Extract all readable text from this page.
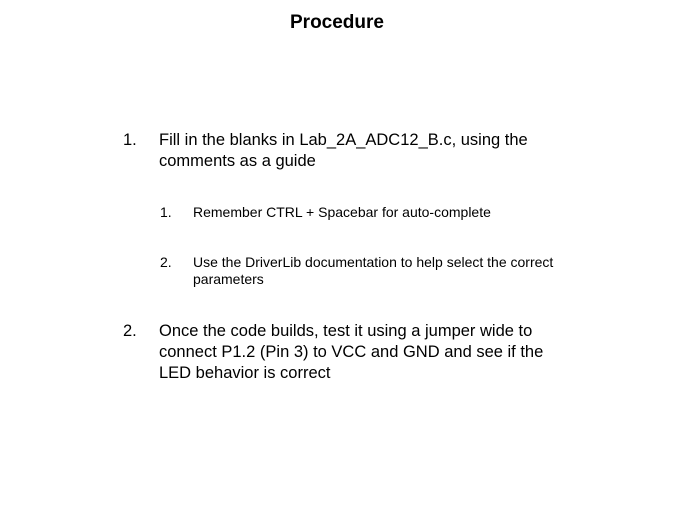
Procedure
1.	Fill in the blanks in Lab_2A_ADC12_B.c, using the comments as a guide
1.	Remember CTRL + Spacebar for auto-complete
2.	Use the DriverLib documentation to help select the correct parameters
2.	Once the code builds, test it using a jumper wide to connect P1.2 (Pin 3) to VCC and GND and see if the LED behavior is correct
